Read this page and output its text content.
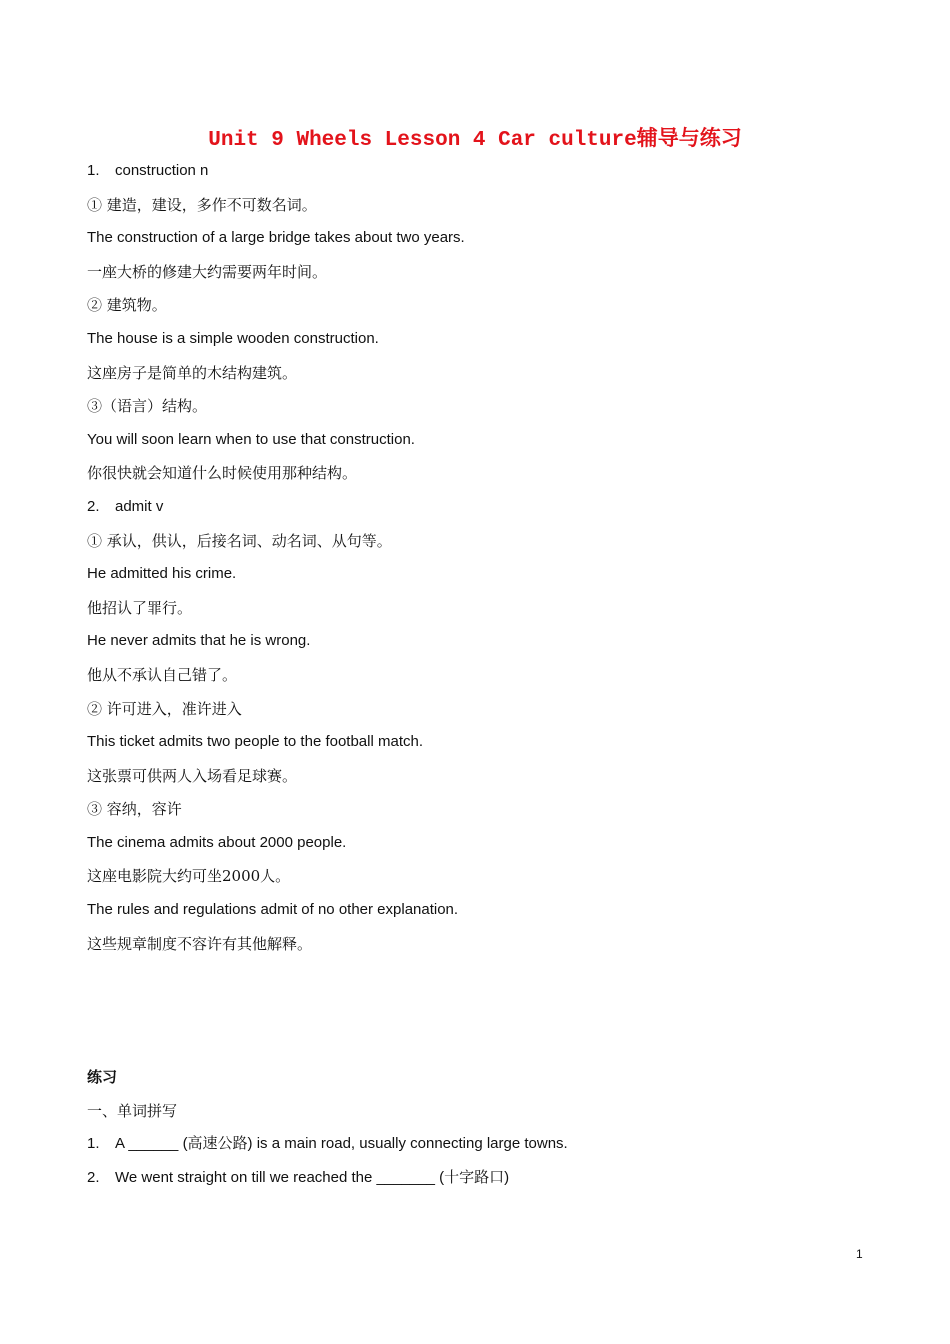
Unit 9 Wheels Lesson 4 Car culture辅导与练习
1. construction n
① 建造，建设，多作不可数名词。
The construction of a large bridge takes about two years.
一座大桥的修建大约需要两年时间。
② 建筑物。
The house is a simple wooden construction.
这座房子是简单的木结构建筑。
③（语言）结构。
You will soon learn when to use that construction.
你很快就会知道什么时候使用那种结构。
2. admit v
① 承认，供认，后接名词、动名词、从句等。
He admitted his crime.
他招认了罪行。
He never admits that he is wrong.
他从不承认自己错了。
② 许可进入，准许进入
This ticket admits two people to the football match.
这张票可供两人入场看足球赛。
③ 容纳，容许
The cinema admits about 2000 people.
这座电影院大约可坐2000人。
The rules and regulations admit of no other explanation.
这些规章制度不容许有其他解释。
练习
一、单词拼写
1. A ______ (高速公路) is a main road, usually connecting large towns.
2. We went straight on till we reached the _______ (十字路口)
1
